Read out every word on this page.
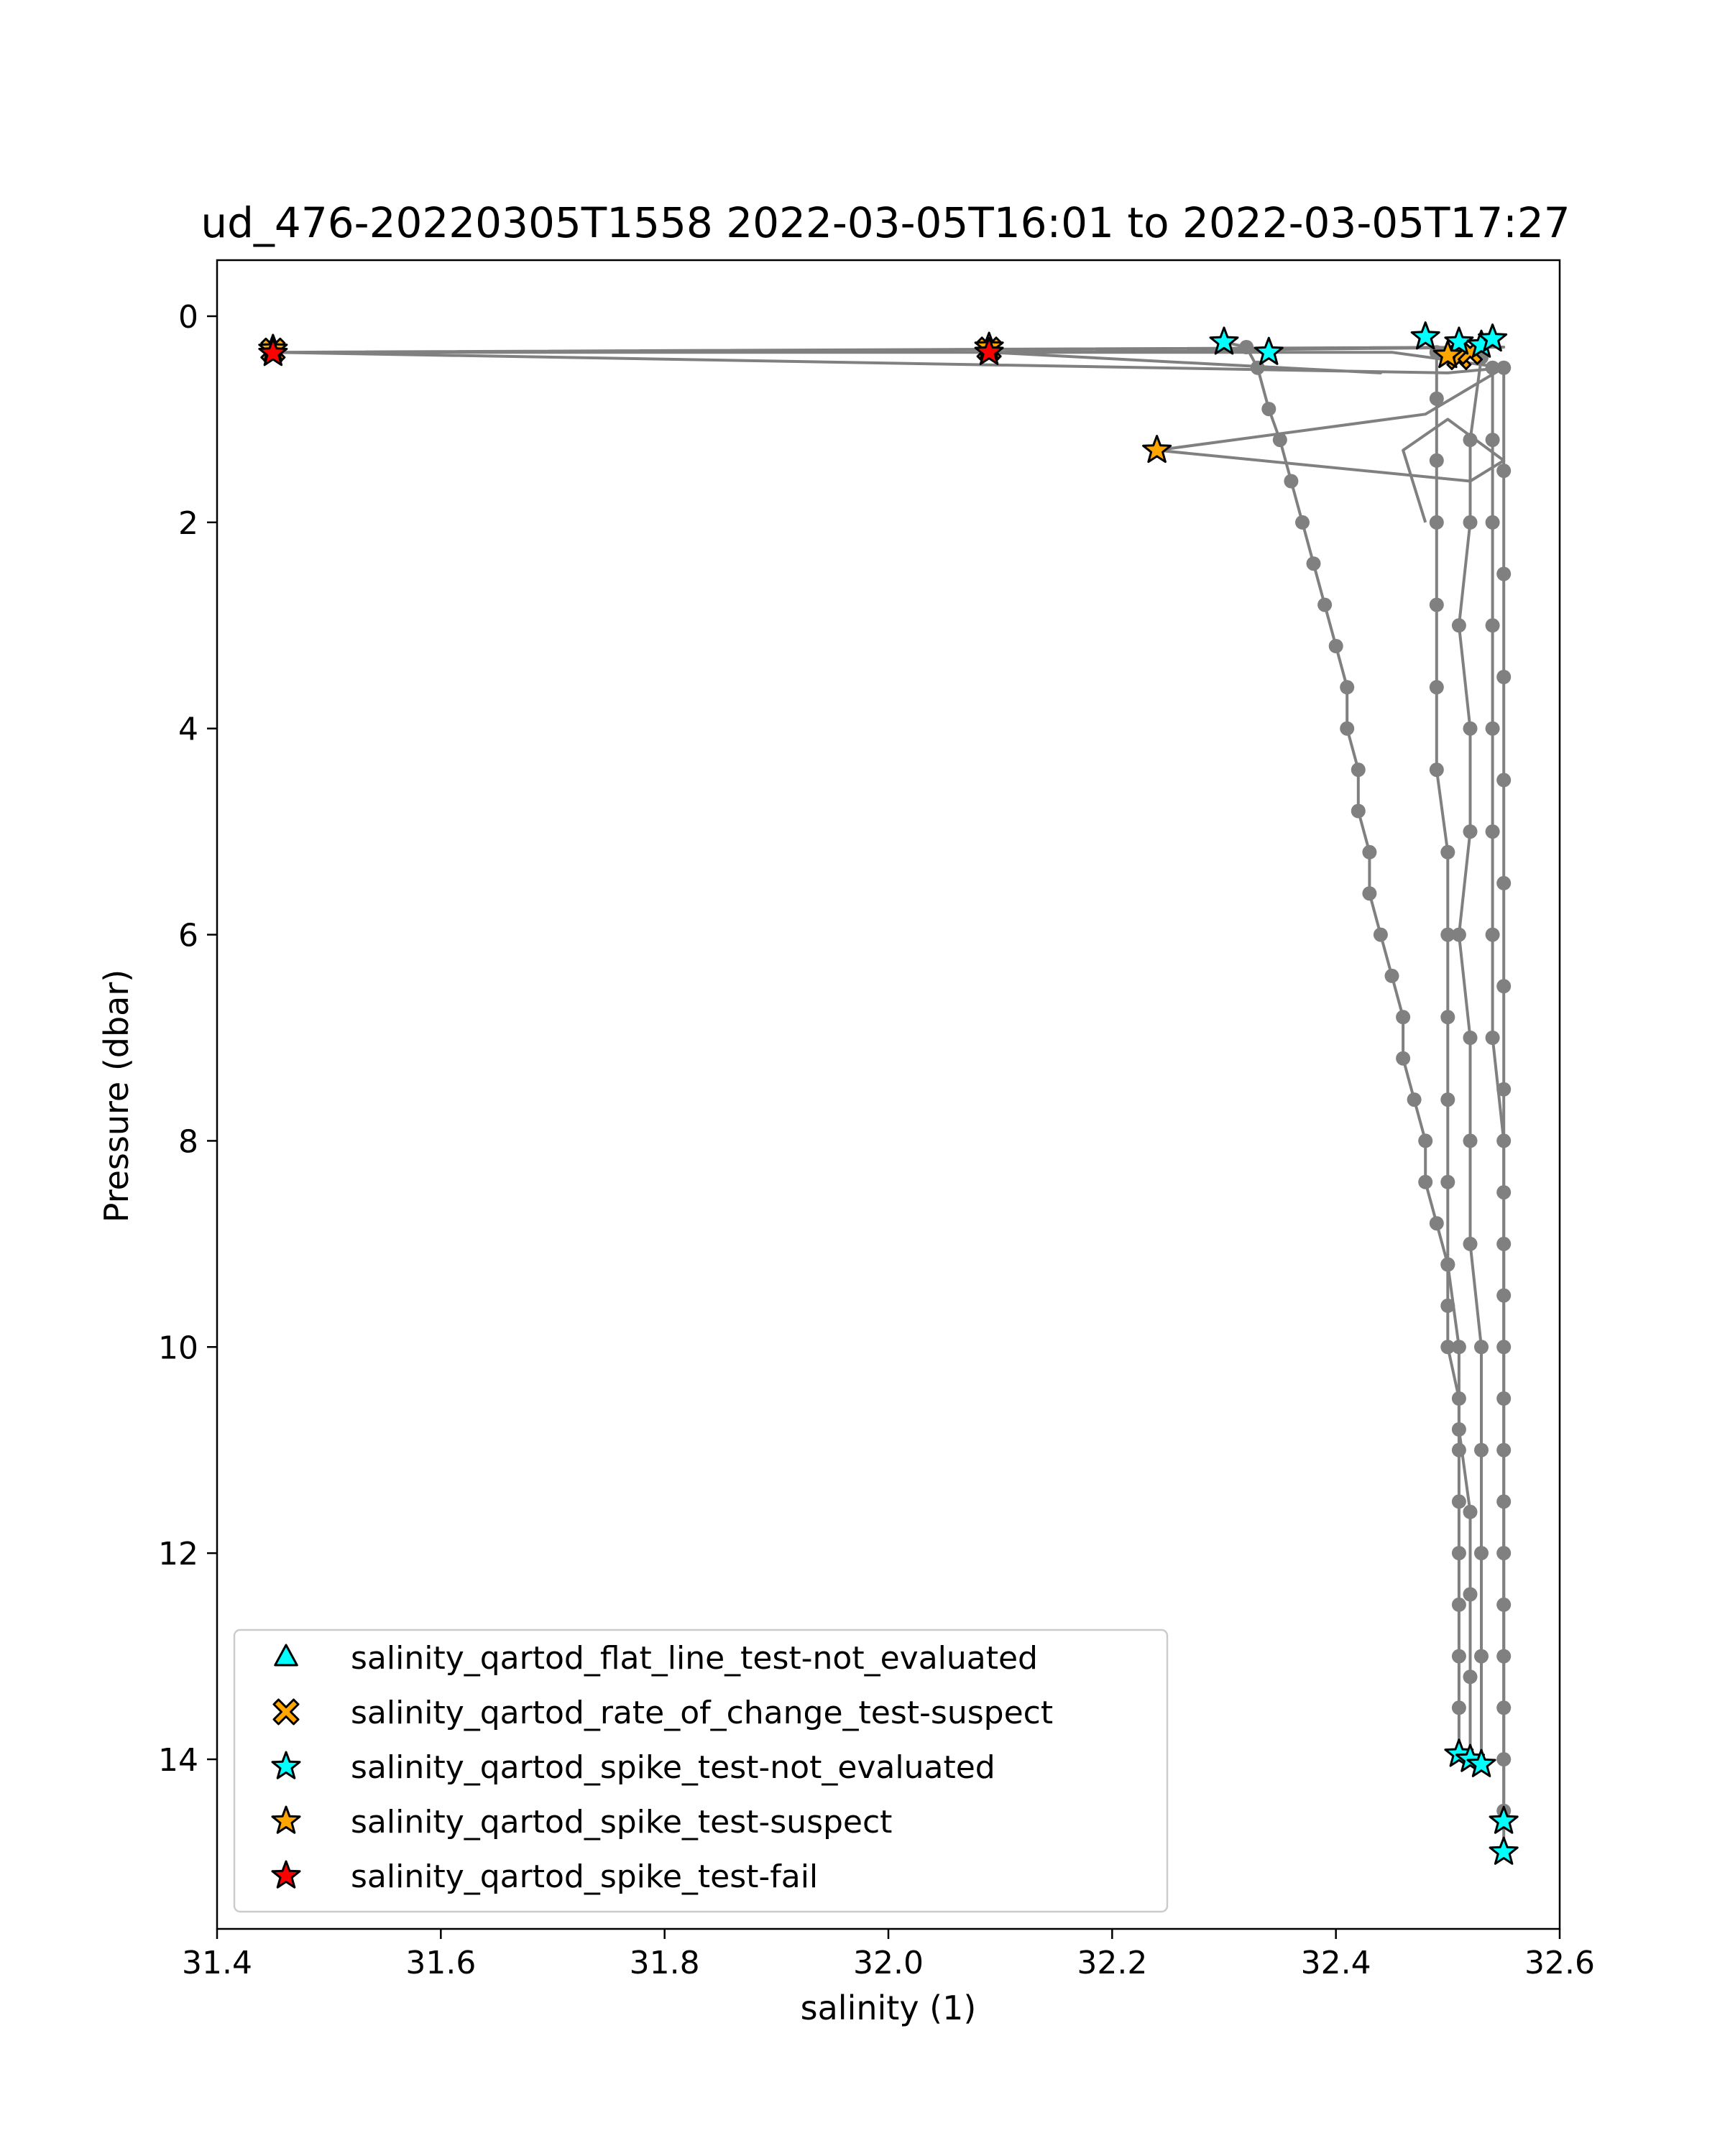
ud_476-20220305T1558 2022-03-05T16:01 to 2022-03-05T17:27
31.4	31.6	31.8	32.0	32.2	32.4	32.6
0
2
4
6
8
10
12
14
salinity (1)
Pressure (dbar)
salinity_qartod_flat_line_test-not_evaluated
salinity_qartod_rate_of_change_test-suspect
salinity_qartod_spike_test-not_evaluated
salinity_qartod_spike_test-suspect
salinity_qartod_spike_test-fail
